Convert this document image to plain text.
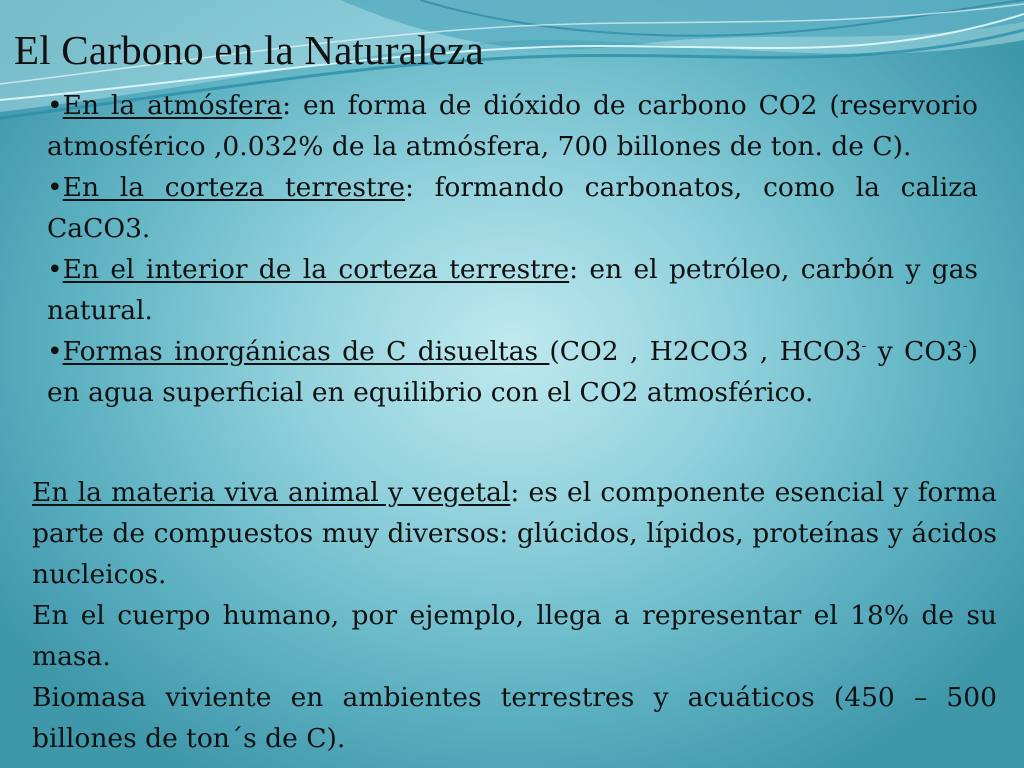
El Carbono en la Naturaleza

•En la atmósfera: en forma de dióxido de carbono CO2 (reservorio atmosférico ,0.032% de la atmósfera, 700 billones de ton. de C).

•En la corteza terrestre: formando carbonatos, como la caliza CaCO3.

•En el interior de la corteza terrestre: en el petróleo, carbón y gas natural.

•Formas inorgánicas de C disueltas (CO2 , H2CO3 , HCO3- y CO3-) en agua superficial en equilibrio con el CO2 atmosférico.

En la materia viva animal y vegetal: es el componente esencial y forma parte de compuestos muy diversos: glúcidos, lípidos, proteínas y ácidos nucleicos.

En el cuerpo humano, por ejemplo, llega a representar el 18% de su masa.

Biomasa viviente en ambientes terrestres y acuáticos (450 – 500 billones de ton´s de C).
